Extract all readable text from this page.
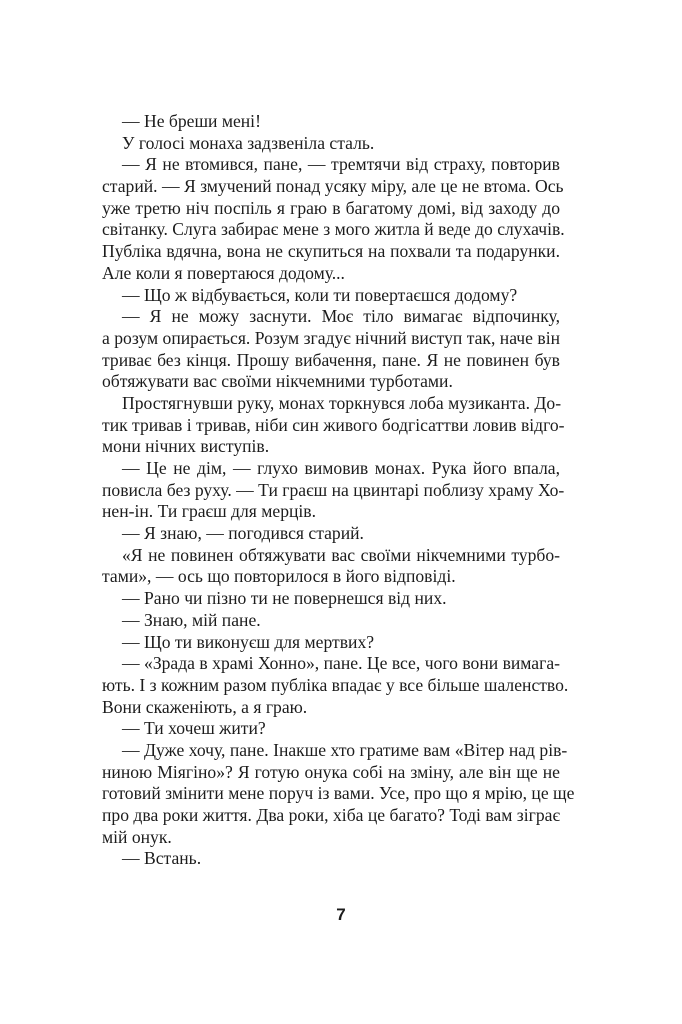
— Не бреши мені!
У голосі монаха задзвеніла сталь.
— Я не втомився, пане, — тремтячи від страху, повторив
старий. — Я змучений понад усяку міру, але це не втома. Ось
уже третю ніч поспіль я граю в багатому домі, від заходу до
світанку. Слуга забирає мене з мого житла й веде до слухачів.
Публіка вдячна, вона не скупиться на похвали та подарунки.
Але коли я повертаюся додому...
— Що ж відбувається, коли ти повертаєшся додому?
— Я не можу заснути. Моє тіло вимагає відпочинку,
а розум опирається. Розум згадує нічний виступ так, наче він
триває без кінця. Прошу вибачення, пане. Я не повинен був
обтяжувати вас своїми нікчемними турботами.
Простягнувши руку, монах торкнувся лоба музиканта. До-
тик тривав і тривав, ніби син живого бодгісаттви ловив відго-
мони нічних виступів.
— Це не дім, — глухо вимовив монах. Рука його впала,
повисла без руху. — Ти граєш на цвинтарі поблизу храму Хо-
нен-ін. Ти граєш для мерців.
— Я знаю, — погодився старий.
«Я не повинен обтяжувати вас своїми нікчемними турбо-
тами», — ось що повторилося в його відповіді.
— Рано чи пізно ти не повернешся від них.
— Знаю, мій пане.
— Що ти виконуєш для мертвих?
— «Зрада в храмі Хонно», пане. Це все, чого вони вимага-
ють. І з кожним разом публіка впадає у все більше шаленство.
Вони скаженіють, а я граю.
— Ти хочеш жити?
— Дуже хочу, пане. Інакше хто гратиме вам «Вітер над рів-
ниною Міягіно»? Я готую онука собі на зміну, але він ще не
готовий змінити мене поруч із вами. Усе, про що я мрію, це ще
про два роки життя. Два роки, хіба це багато? Тоді вам зіграє
мій онук.
— Встань.
7
